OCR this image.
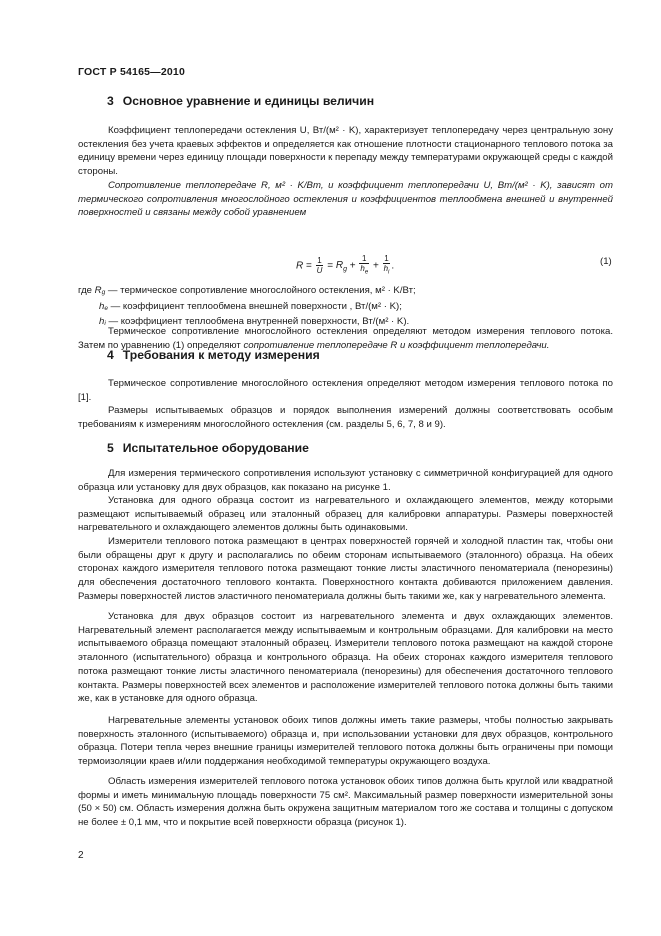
ГОСТ Р 54165—2010
3 Основное уравнение и единицы величин
Коэффициент теплопередачи остекления U, Вт/(м² · K), характеризует теплопередачу через центральную зону остекления без учета краевых эффектов и определяется как отношение плотности стационарного теплового потока за единицу времени через единицу площади поверхности к перепаду между температурами окружающей среды с каждой стороны.
Сопротивление теплопередаче R, м² · K/Вт, и коэффициент теплопередачи U, Вт/(м² · K), зависят от термического сопротивления многослойного остекления и коэффициентов теплообмена внешней и внутренней поверхностей и связаны между собой уравнением
$R = \frac{1}{U} = R_g + \frac{1}{h_e} + \frac{1}{h_i}$ .	(1)
где $R_g$ — термическое сопротивление многослойного остекления, м² · K/Вт;
$h_e$ — коэффициент теплообмена внешней поверхности , Вт/(м² · K);
$h_i$ — коэффициент теплообмена внутренней поверхности, Вт/(м² · K).
Термическое сопротивление многослойного остекления определяют методом измерения теплового потока. Затем по уравнению (1) определяют сопротивление теплопередаче R и коэффициент теплопередачи.
4 Требования к методу измерения
Термическое сопротивление многослойного остекления определяют методом измерения теплового потока по [1].
Размеры испытываемых образцов и порядок выполнения измерений должны соответствовать особым требованиям к измерениям многослойного остекления (см. разделы 5, 6, 7, 8 и 9).
5 Испытательное оборудование
Для измерения термического сопротивления используют установку с симметричной конфигурацией для одного образца или установку для двух образцов, как показано на рисунке 1.
Установка для одного образца состоит из нагревательного и охлаждающего элементов, между которыми размещают испытываемый образец или эталонный образец для калибровки аппаратуры. Размеры поверхностей нагревательного и охлаждающего элементов должны быть одинаковыми.
Измерители теплового потока размещают в центрах поверхностей горячей и холодной пластин так, чтобы они были обращены друг к другу и располагались по обеим сторонам испытываемого (эталонного) образца. На обеих сторонах каждого измерителя теплового потока размещают тонкие листы эластичного пеноматериала (пенорезины) для обеспечения достаточного теплового контакта. Поверхностного контакта добиваются приложением давления. Размеры поверхностей листов эластичного пеноматериала должны быть такими же, как у нагревательного элемента.
Установка для двух образцов состоит из нагревательного элемента и двух охлаждающих элементов. Нагревательный элемент располагается между испытываемым и контрольным образцами. Для калибровки на место испытываемого образца помещают эталонный образец. Измерители теплового потока размещают на каждой стороне эталонного (испытательного) образца и контрольного образца. На обеих сторонах каждого измерителя теплового потока размещают тонкие листы эластичного пеноматериала (пенорезины) для обеспечения достаточного теплового контакта. Размеры поверхностей всех элементов и расположение измерителей теплового потока должны быть такими же, как в установке для одного образца.
Нагревательные элементы установок обоих типов должны иметь такие размеры, чтобы полностью закрывать поверхность эталонного (испытываемого) образца и, при использовании установки для двух образцов, контрольного образца. Потери тепла через внешние границы измерителей теплового потока должны быть ограничены при помощи термоизоляции краев и/или поддержания необходимой температуры окружающего воздуха.
Область измерения измерителей теплового потока установок обоих типов должна быть круглой или квадратной формы и иметь минимальную площадь поверхности 75 см². Максимальный размер поверхности измерительной зоны (50 × 50) см. Область измерения должна быть окружена защитным материалом того же состава и толщины с допуском не более ± 0,1 мм, что и покрытие всей поверхности образца (рисунок 1).
2
